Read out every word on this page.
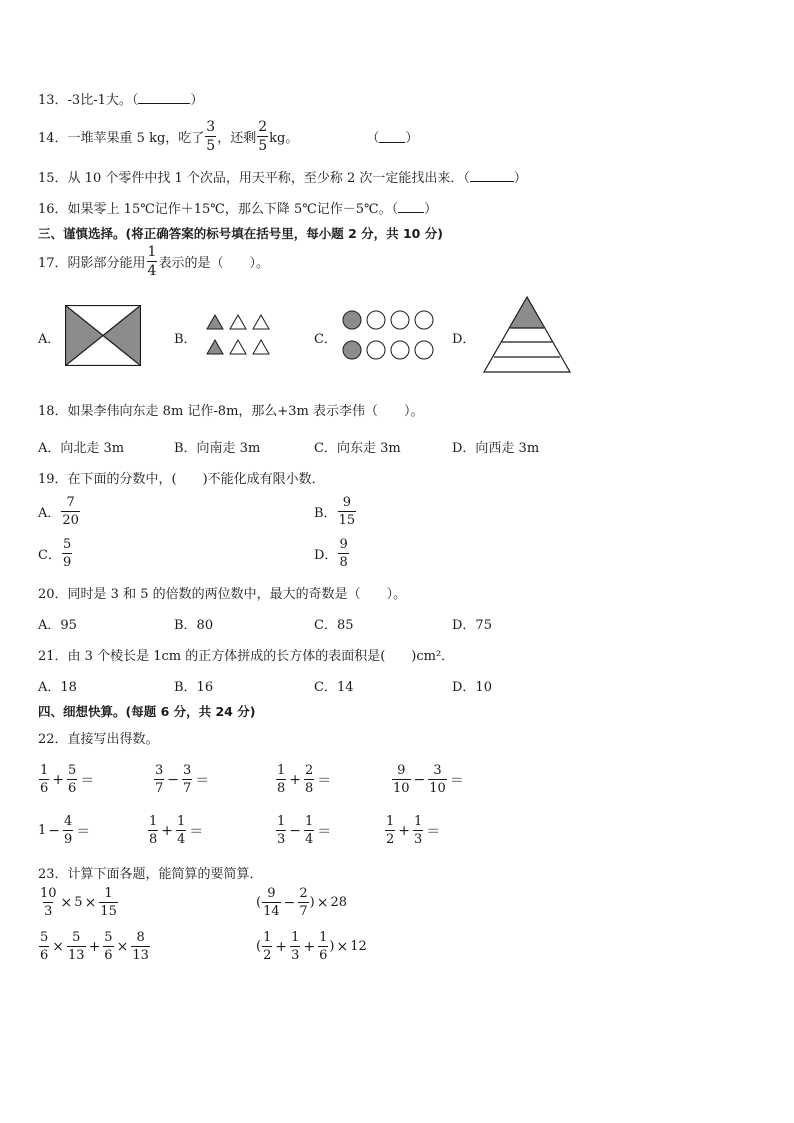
13．-3比-1大。（	）
14．一堆苹果重 5 kg，吃了 $\frac{3}{5}$ ，还剩 $\frac{2}{5}$ kg。	（ ）
15．从 10 个零件中找 1 个次品，用天平称，至少称 2 次一定能找出来．（	）
16．如果零上 15℃记作＋15℃，那么下降 5℃记作－5℃。（ ）
三、谨慎选择。(将正确答案的标号填在括号里，每小题 2 分，共 10 分)
17．阴影部分能用 $\frac{1}{4}$ 表示的是（　　）。
A．	B．	C．	D．
18．如果李伟向东走 8m 记作-8m，那么+3m 表示李伟（　　）。
A．向北走 3m	B．向南走 3m	C．向东走 3m	D．向西走 3m
19．在下面的分数中，(　　)不能化成有限小数．
A． $\frac{7}{20}$	B． $\frac{9}{15}$
C． $\frac{5}{9}$	D． $\frac{9}{8}$
20．同时是 3 和 5 的倍数的两位数中，最大的奇数是（　　）。
A．95	B．80	C．85	D．75
21．由 3 个棱长是 1cm 的正方体拼成的长方体的表面积是(　　)cm²．
A．18	B．16	C．14	D．10
四、细想快算。(每题 6 分，共 24 分)
22．直接写出得数。
$\frac{1}{6} + \frac{5}{6}$ ＝	$\frac{3}{7} - \frac{3}{7}$ ＝	$\frac{1}{8} + \frac{2}{8}$ ＝	$\frac{9}{10} - \frac{3}{10}$ ＝
$1 - \frac{4}{9}$ ＝	$\frac{1}{8} + \frac{1}{4}$ ＝	$\frac{1}{3} - \frac{1}{4}$ ＝	$\frac{1}{2} + \frac{1}{3}$ ＝
23．计算下面各题，能简算的要简算．
$\frac{10}{3} \times 5 \times \frac{1}{15}$	( $\frac{9}{14} - \frac{2}{7}$ ) × 28
$\frac{5}{6} \times \frac{5}{13} + \frac{5}{6} \times \frac{8}{13}$	( $\frac{1}{2} + \frac{1}{3} + \frac{1}{6}$ ) × 12
